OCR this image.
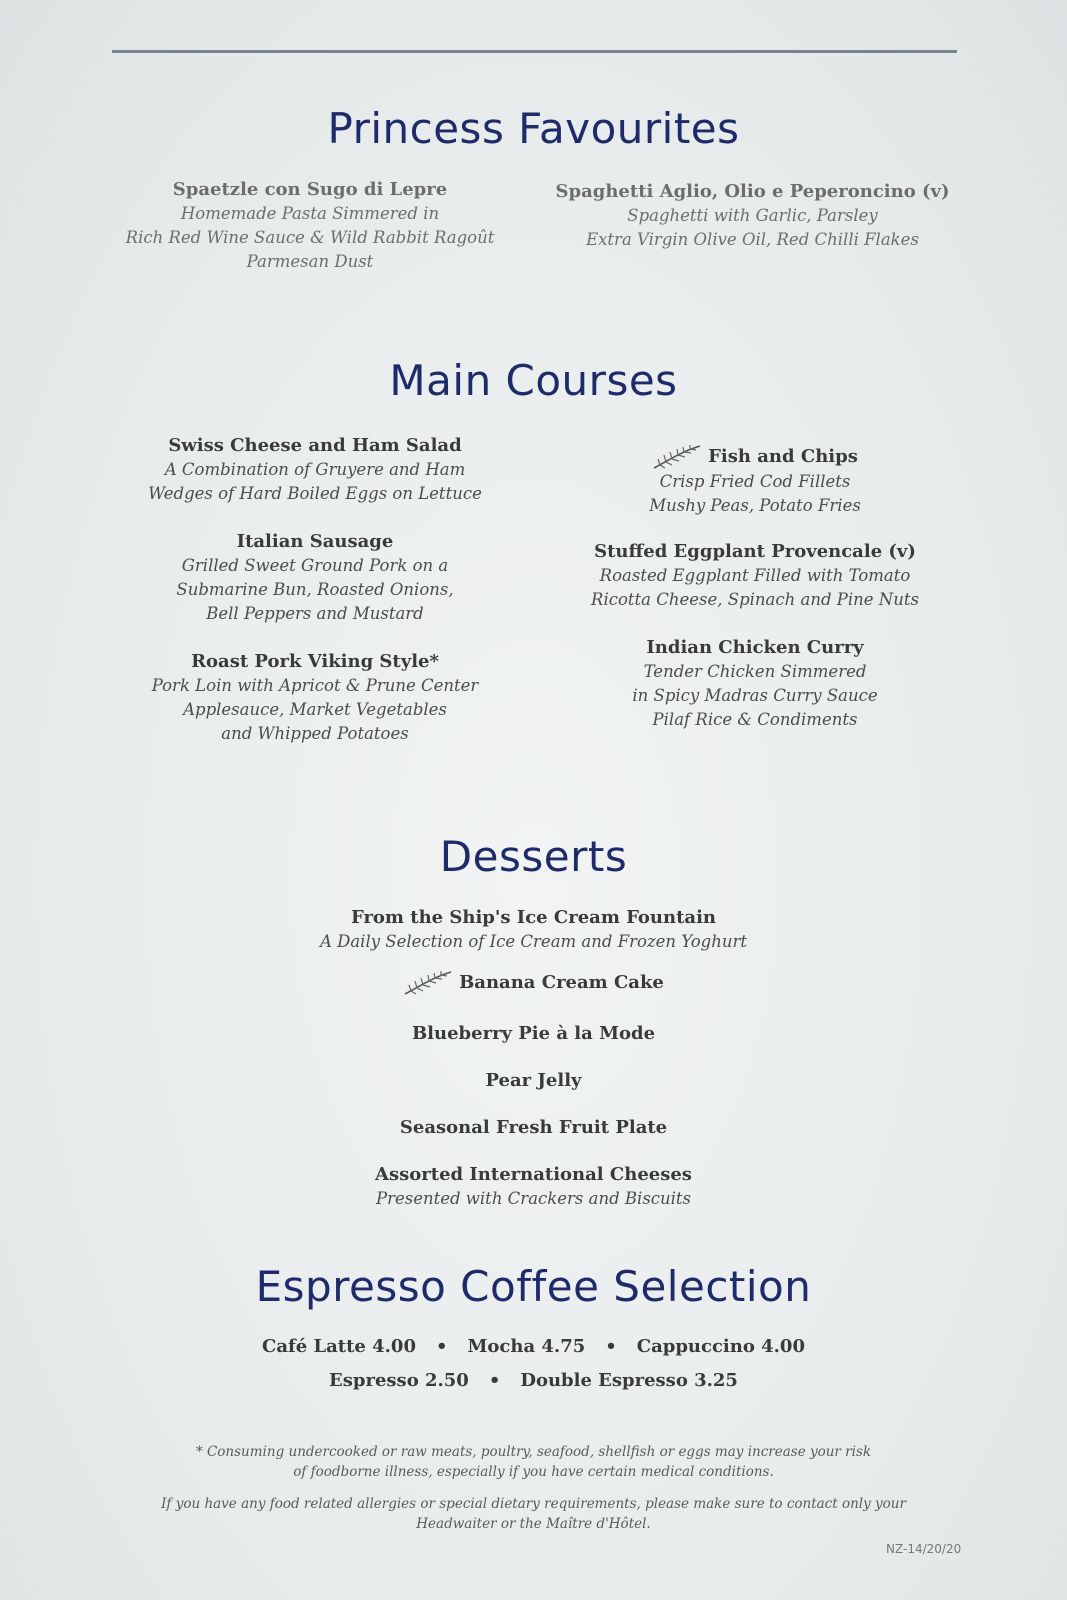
Princess Favourites
Spaetzle con Sugo di Lepre
Homemade Pasta Simmered in
Rich Red Wine Sauce & Wild Rabbit Ragoût
Parmesan Dust
Spaghetti Aglio, Olio e Peperoncino (v)
Spaghetti with Garlic, Parsley
Extra Virgin Olive Oil, Red Chilli Flakes
Main Courses
Swiss Cheese and Ham Salad
A Combination of Gruyere and Ham
Wedges of Hard Boiled Eggs on Lettuce
Italian Sausage
Grilled Sweet Ground Pork on a
Submarine Bun, Roasted Onions,
Bell Peppers and Mustard
Roast Pork Viking Style*
Pork Loin with Apricot & Prune Center
Applesauce, Market Vegetables
and Whipped Potatoes
Fish and Chips
Crisp Fried Cod Fillets
Mushy Peas, Potato Fries
Stuffed Eggplant Provencale (v)
Roasted Eggplant Filled with Tomato
Ricotta Cheese, Spinach and Pine Nuts
Indian Chicken Curry
Tender Chicken Simmered
in Spicy Madras Curry Sauce
Pilaf Rice & Condiments
Desserts
From the Ship's Ice Cream Fountain
A Daily Selection of Ice Cream and Frozen Yoghurt
Banana Cream Cake
Blueberry Pie à la Mode
Pear Jelly
Seasonal Fresh Fruit Plate
Assorted International Cheeses
Presented with Crackers and Biscuits
Espresso Coffee Selection
Café Latte 4.00 • Mocha 4.75 • Cappuccino 4.00
Espresso 2.50 • Double Espresso 3.25
* Consuming undercooked or raw meats, poultry, seafood, shellfish or eggs may increase your risk
of foodborne illness, especially if you have certain medical conditions.
If you have any food related allergies or special dietary requirements, please make sure to contact only your
Headwaiter or the Maître d'Hôtel.
NZ-14/20/20
